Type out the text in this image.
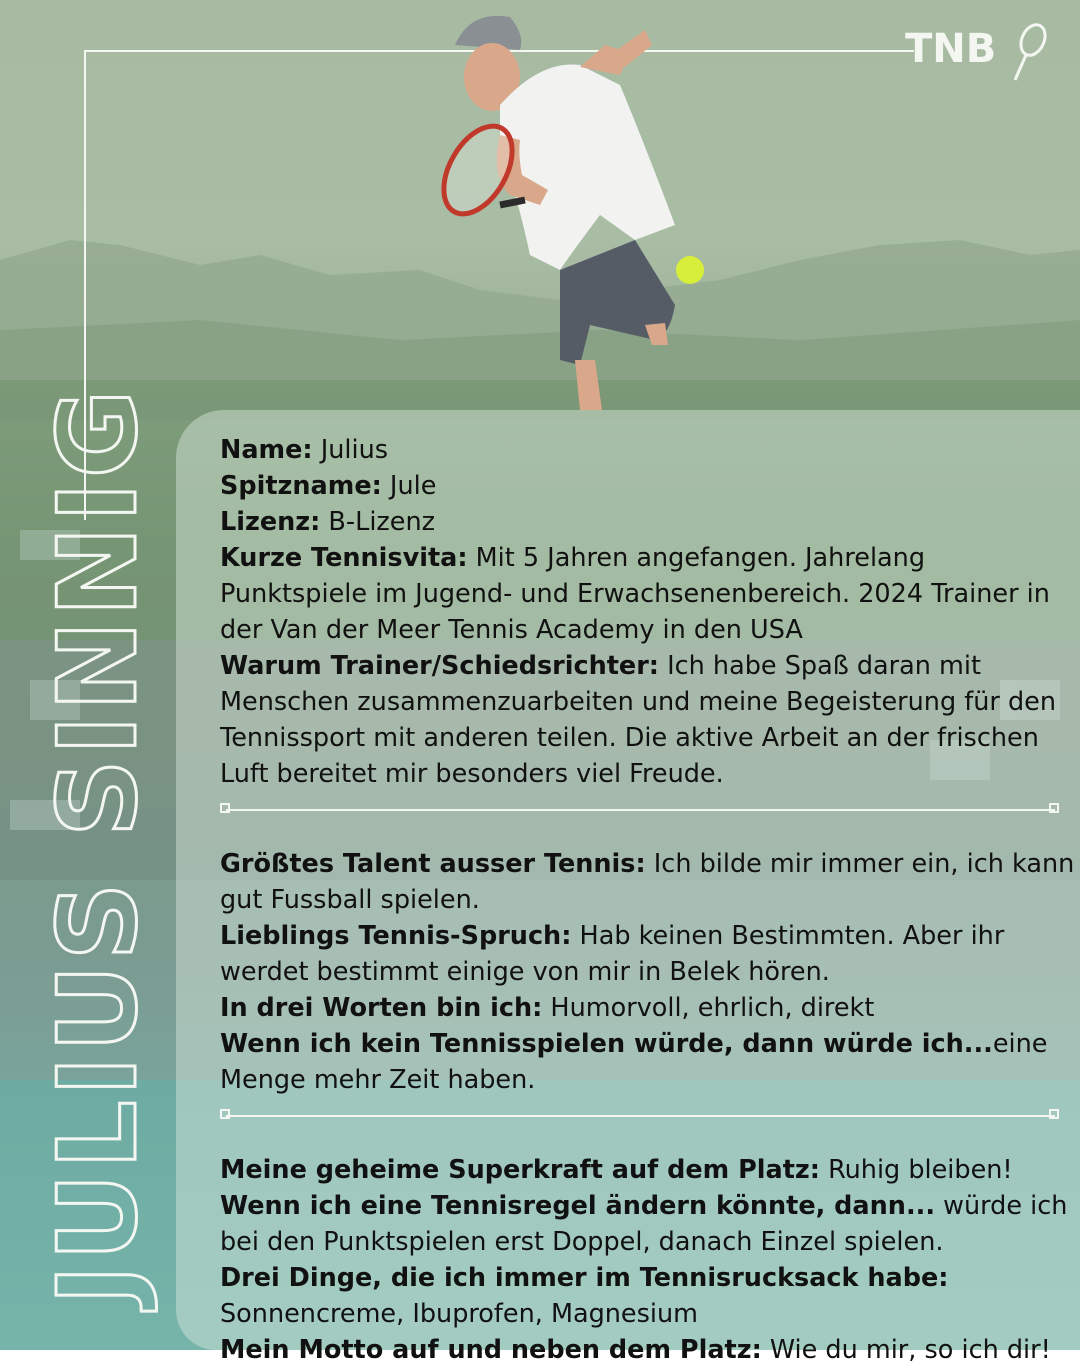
TNB
JULIUS SINNIG Name: Julius

Spitzname: Jule

Lizenz: B-Lizenz

Kurze Tennisvita: Mit 5 Jahren angefangen. Jahrelang Punktspiele im Jugend- und Erwachsenenbereich. 2024 Trainer in der Van der Meer Tennis Academy in den USA

Warum Trainer/Schiedsrichter: Ich habe Spaß daran mit Menschen zusammenzuarbeiten und meine Begeisterung für den Tennissport mit anderen teilen. Die aktive Arbeit an der frischen Luft bereitet mir besonders viel Freude.

Größtes Talent ausser Tennis: Ich bilde mir immer ein, ich kann gut Fussball spielen.

Lieblings Tennis-Spruch: Hab keinen Bestimmten. Aber ihr werdet bestimmt einige von mir in Belek hören.

In drei Worten bin ich: Humorvoll, ehrlich, direkt

Wenn ich kein Tennisspielen würde, dann würde ich...eine Menge mehr Zeit haben.

Meine geheime Superkraft auf dem Platz: Ruhig bleiben!

Wenn ich eine Tennisregel ändern könnte, dann... würde ich bei den Punktspielen erst Doppel, danach Einzel spielen.

Drei Dinge, die ich immer im Tennisrucksack habe: Sonnencreme, Ibuprofen, Magnesium

Mein Motto auf und neben dem Platz: Wie du mir, so ich dir!
